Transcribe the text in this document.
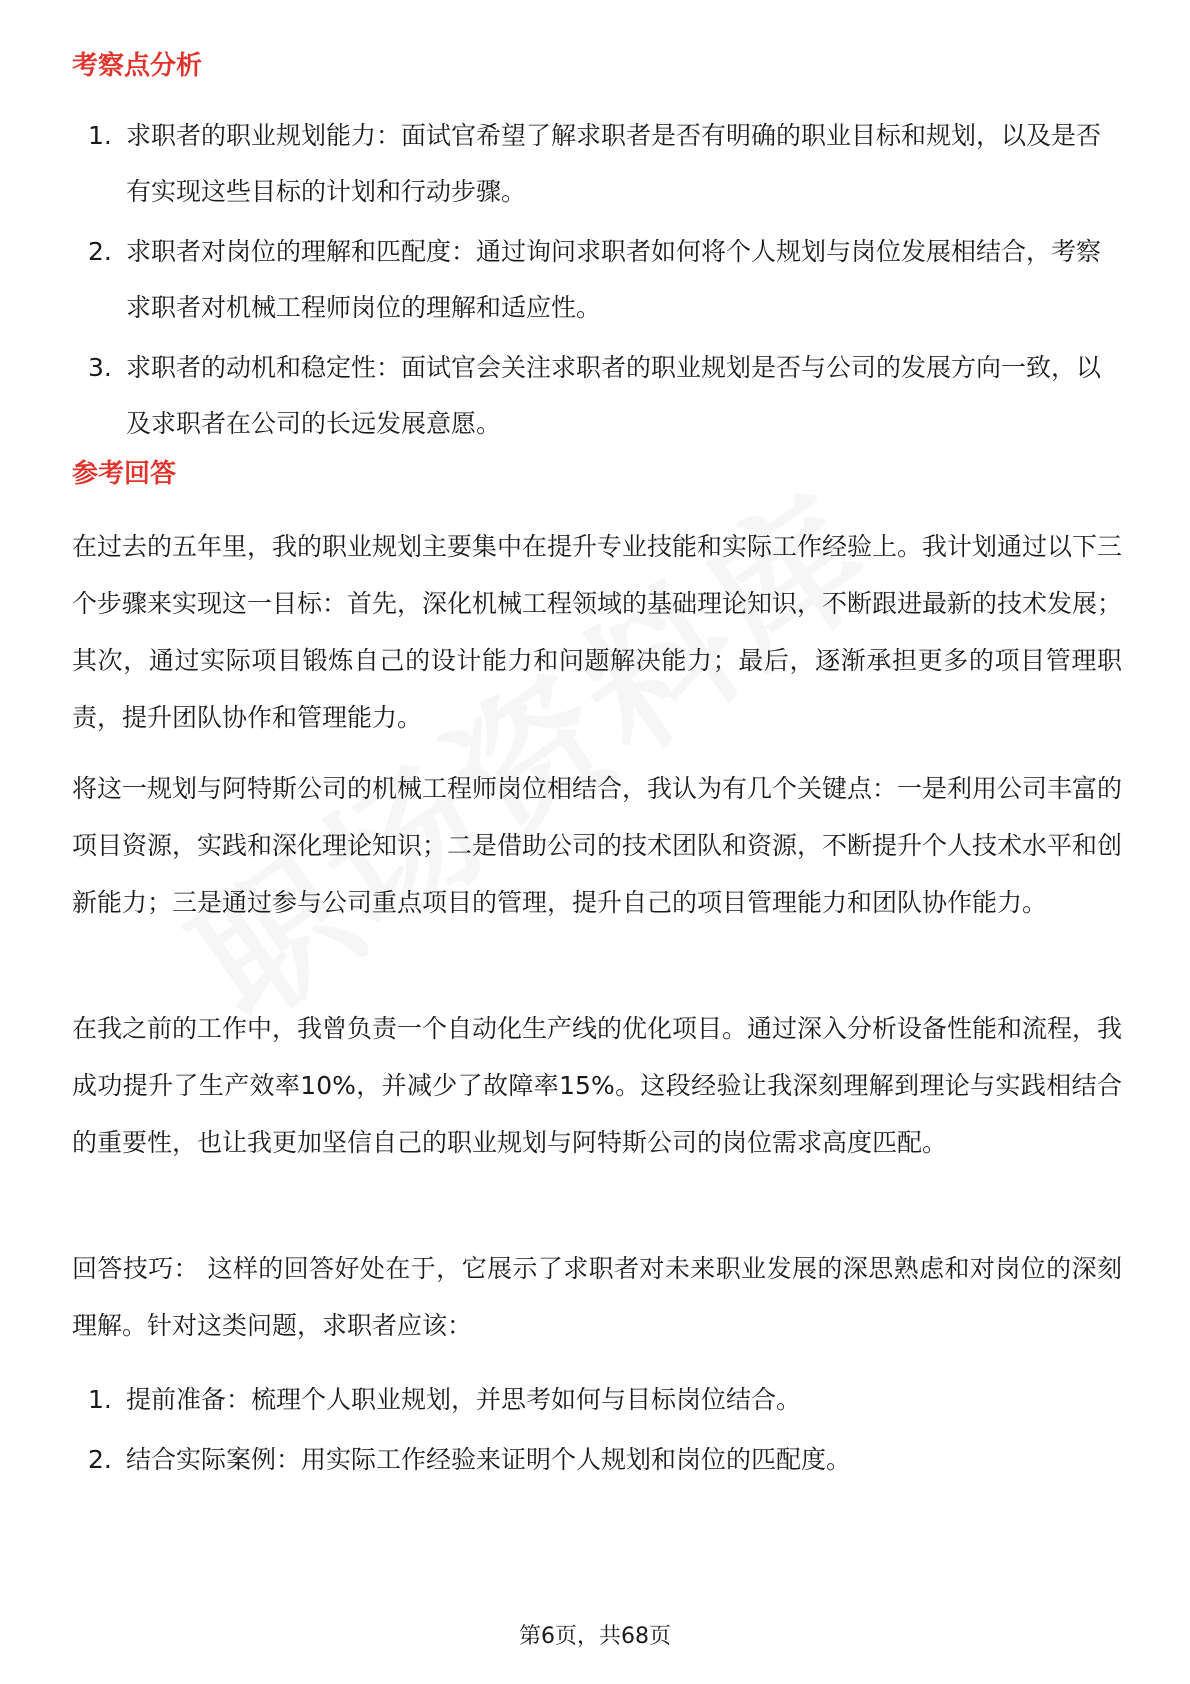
考察点分析
1. 求职者的职业规划能力：面试官希望了解求职者是否有明确的职业目标和规划，以及是否有实现这些目标的计划和行动步骤。
2. 求职者对岗位的理解和匹配度：通过询问求职者如何将个人规划与岗位发展相结合，考察求职者对机械工程师岗位的理解和适应性。
3. 求职者的动机和稳定性：面试官会关注求职者的职业规划是否与公司的发展方向一致，以及求职者在公司的长远发展意愿。
参考回答

在过去的五年里，我的职业规划主要集中在提升专业技能和实际工作经验上。我计划通过以下三个步骤来实现这一目标：首先，深化机械工程领域的基础理论知识，不断跟进最新的技术发展；其次，通过实际项目锻炼自己的设计能力和问题解决能力；最后，逐渐承担更多的项目管理职责，提升团队协作和管理能力。

将这一规划与阿特斯公司的机械工程师岗位相结合，我认为有几个关键点：一是利用公司丰富的项目资源，实践和深化理论知识；二是借助公司的技术团队和资源，不断提升个人技术水平和创新能力；三是通过参与公司重点项目的管理，提升自己的项目管理能力和团队协作能力。

在我之前的工作中，我曾负责一个自动化生产线的优化项目。通过深入分析设备性能和流程，我成功提升了生产效率10%，并减少了故障率15%。这段经验让我深刻理解到理论与实践相结合的重要性，也让我更加坚信自己的职业规划与阿特斯公司的岗位需求高度匹配。

回答技巧： 这样的回答好处在于，它展示了求职者对未来职业发展的深思熟虑和对岗位的深刻理解。针对这类问题，求职者应该：

1. 提前准备：梳理个人职业规划，并思考如何与目标岗位结合。
2. 结合实际案例：用实际工作经验来证明个人规划和岗位的匹配度。
第6页，共68页
